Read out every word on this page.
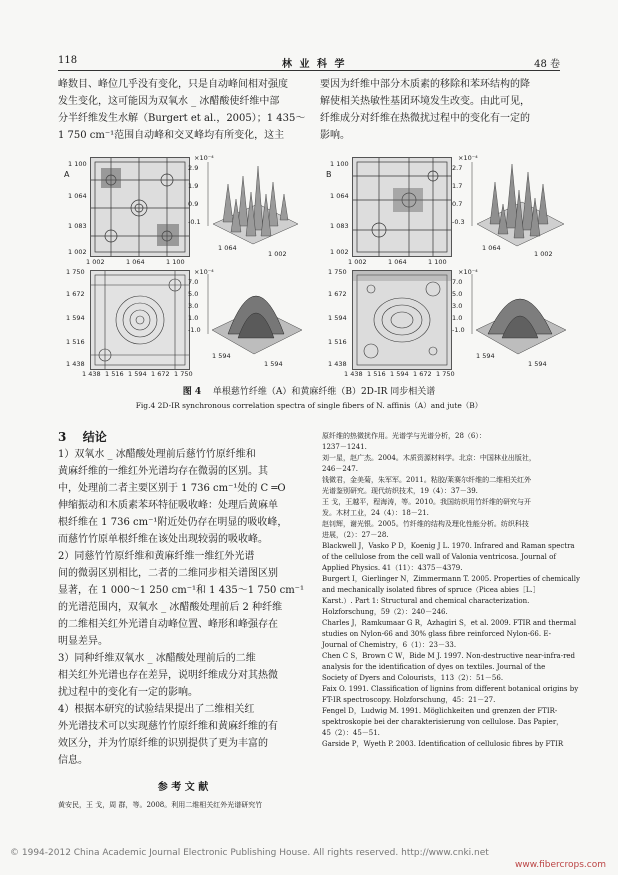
118	林 业 科 学	48 卷
峰数目、峰位几乎没有变化，只是自动峰间相对强度
发生变化，这可能因为双氧水 _ 冰醋酸使纤维中部
分半纤维发生水解（Burgert et al.，2005）；1 435～
1 750 cm⁻¹范围自动峰和交叉峰均有所变化，这主
要因为纤维中部分木质素的移除和苯环结构的降
解使相关热敏性基团环境发生改变。由此可见，
纤维成分对纤维在热微扰过程中的变化有一定的
影响。
A	B
1 100
1 064
1 083
1 002
1 002	1 064	1 100
×10⁻⁴
2.9
1.9
0.9
-0.1
1 064
1 002
1 100
1 064
1 083
1 002
1 002	1 064	1 100
×10⁻⁴
2.7
1.7
0.7
-0.3
1 064
1 002
1 750
1 672
1 594
1 516
1 438
1 438 1 516 1 594 1 672 1 750
×10⁻⁴
7.0
5.0
3.0
1.0
-1.0
1 594
1 594
1 750
1 672
1 594
1 516
1 438
1 438 1 516 1 594 1 672 1 750
×10⁻⁴
7.0
5.0
3.0
1.0
-1.0
1 594
1 594
图 4 单根慈竹纤维（A）和黄麻纤维（B）2D-IR 同步相关谱
Fig.4 2D-IR synchronous correlation spectra of single fibers of N. affinis（A）and jute（B）
3 结论
1）双氧水 _ 冰醋酸处理前后慈竹竹原纤维和
黄麻纤维的一维红外光谱均存在微弱的区别。其
中，处理前二者主要区别于 1 736 cm⁻¹处的 C ═O
伸缩振动和木质素苯环特征吸收峰：处理后黄麻单
根纤维在 1 736 cm⁻¹附近处仍存在明显的吸收峰，
而慈竹竹原单根纤维在该处出现较弱的吸收峰。
2）同慈竹竹原纤维和黄麻纤维一维红外光谱
间的微弱区别相比，二者的二维同步相关谱图区别
显著，在 1 000～1 250 cm⁻¹和 1 435～1 750 cm⁻¹
的光谱范围内，双氧水 _ 冰醋酸处理前后 2 种纤维
的二维相关红外光谱自动峰位置、峰形和峰强存在
明显差异。
3）同种纤维双氧水 _ 冰醋酸处理前后的二维
相关红外光谱也存在差异，说明纤维成分对其热微
扰过程中的变化有一定的影响。
4）根据本研究的试验结果提出了二维相关红
外光谱技术可以实现慈竹竹原纤维和黄麻纤维的有
效区分，并为竹原纤维的识别提供了更为丰富的
信息。
参 考 文 献
黄安民，王 戈，周 群，等。2008。利用二维相关红外光谱研究竹
原纤维的热微扰作用。光谱学与光谱分析，28（6）：
1237－1241.
刘一星，赵广杰。2004。木质资源材料学。北京：中国林业出版社，
246－247.
钱微君，金美菊，朱军军。2011。粘胶/莱赛尔纤维的二维相关红外
光谱鉴别研究。现代纺织技术，19（4）：37－39.
王 戈，王越平，程海涛，等。2010。我国纺织用竹纤维的研究与开
发。木材工业，24（4）：18－21.
赵钊辉，谢光银。2005。竹纤维的结构及理化性能分析。纺织科技
进展，（2）：27－28.
Blackwell J，Vasko P D，Koenig J L. 1970. Infrared and Raman spectra
of the cellulose from the cell wall of Valonia ventricosa. Journal of
Applied Physics. 41（11）：4375－4379.
Burgert I，Gierlinger N，Zimmermann T. 2005. Properties of chemically
and mechanically isolated fibres of spruce（Picea abies［L.］
Karst.）. Part 1: Structural and chemical characterization.
Holzforschung，59（2）：240－246.
Charles J，Ramkumaar G R，Azhagiri S，et al. 2009. FTIR and thermal
studies on Nylon-66 and 30% glass fibre reinforced Nylon-66. E-
Journal of Chemistry，6（1）：23－33.
Chen C S，Brown C W，Bide M J. 1997. Non-destructive near-infra-red
analysis for the identification of dyes on textiles. Journal of the
Society of Dyers and Colourists，113（2）：51－56.
Faix O. 1991. Classification of lignins from different botanical origins by
FT-IR spectroscopy. Holzforschung，45：21－27.
Fengel D，Ludwig M. 1991. Möglichkeiten und grenzen der FTIR-
spektroskopie bei der charakterisierung von cellulose. Das Papier，
45（2）：45－51.
Garside P，Wyeth P. 2003. Identification of cellulosic fibres by FTIR
© 1994-2012 China Academic Journal Electronic Publishing House. All rights reserved. http://www.cnki.net
www.fibercrops.com
